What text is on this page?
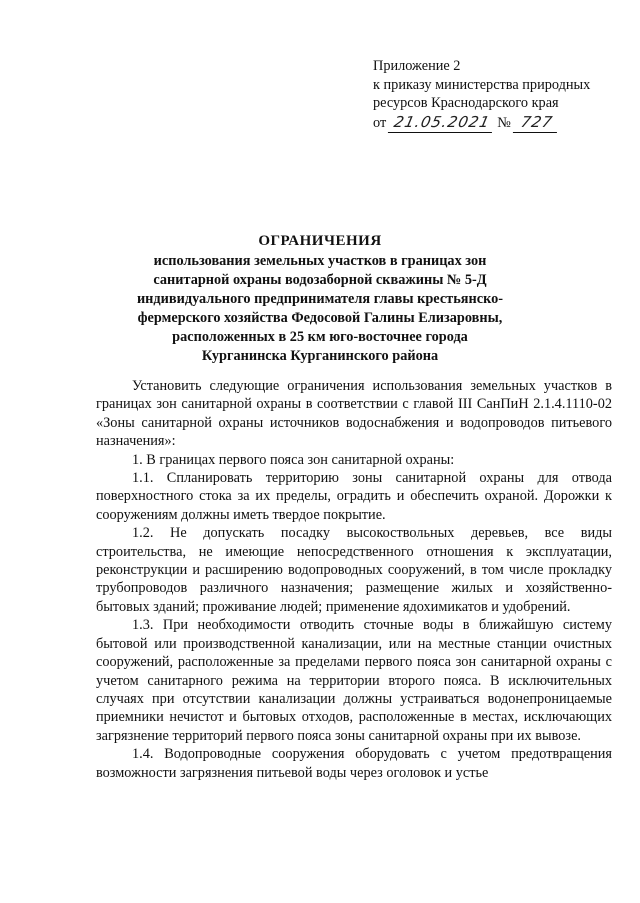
Приложение 2
к приказу министерства природных
ресурсов Краснодарского края
от 21.05.2021 № 727
ОГРАНИЧЕНИЯ
использования земельных участков в границах зон
санитарной охраны водозаборной скважины № 5-Д
индивидуального предпринимателя главы крестьянско-
фермерского хозяйства Федосовой Галины Елизаровны,
расположенных в 25 км юго-восточнее города
Курганинска Курганинского района

Установить следующие ограничения использования земельных участков в границах зон санитарной охраны в соответствии с главой III СанПиН 2.1.4.1110-02 «Зоны санитарной охраны источников водоснабжения и водопроводов питьевого назначения»:

1. В границах первого пояса зон санитарной охраны:

1.1. Спланировать территорию зоны санитарной охраны для отвода поверхностного стока за их пределы, оградить и обеспечить охраной. Дорожки к сооружениям должны иметь твердое покрытие.

1.2. Не допускать посадку высокоствольных деревьев, все виды строительства, не имеющие непосредственного отношения к эксплуатации, реконструкции и расширению водопроводных сооружений, в том числе прокладку трубопроводов различного назначения; размещение жилых и хозяйственно-бытовых зданий; проживание людей; применение ядохимикатов и удобрений.

1.3. При необходимости отводить сточные воды в ближайшую систему бытовой или производственной канализации, или на местные станции очистных сооружений, расположенные за пределами первого пояса зон санитарной охраны с учетом санитарного режима на территории второго пояса. В исключительных случаях при отсутствии канализации должны устраиваться водонепроницаемые приемники нечистот и бытовых отходов, расположенные в местах, исключающих загрязнение территорий первого пояса зоны санитарной охраны при их вывозе.

1.4. Водопроводные сооружения оборудовать с учетом предотвращения возможности загрязнения питьевой воды через оголовок и устье
